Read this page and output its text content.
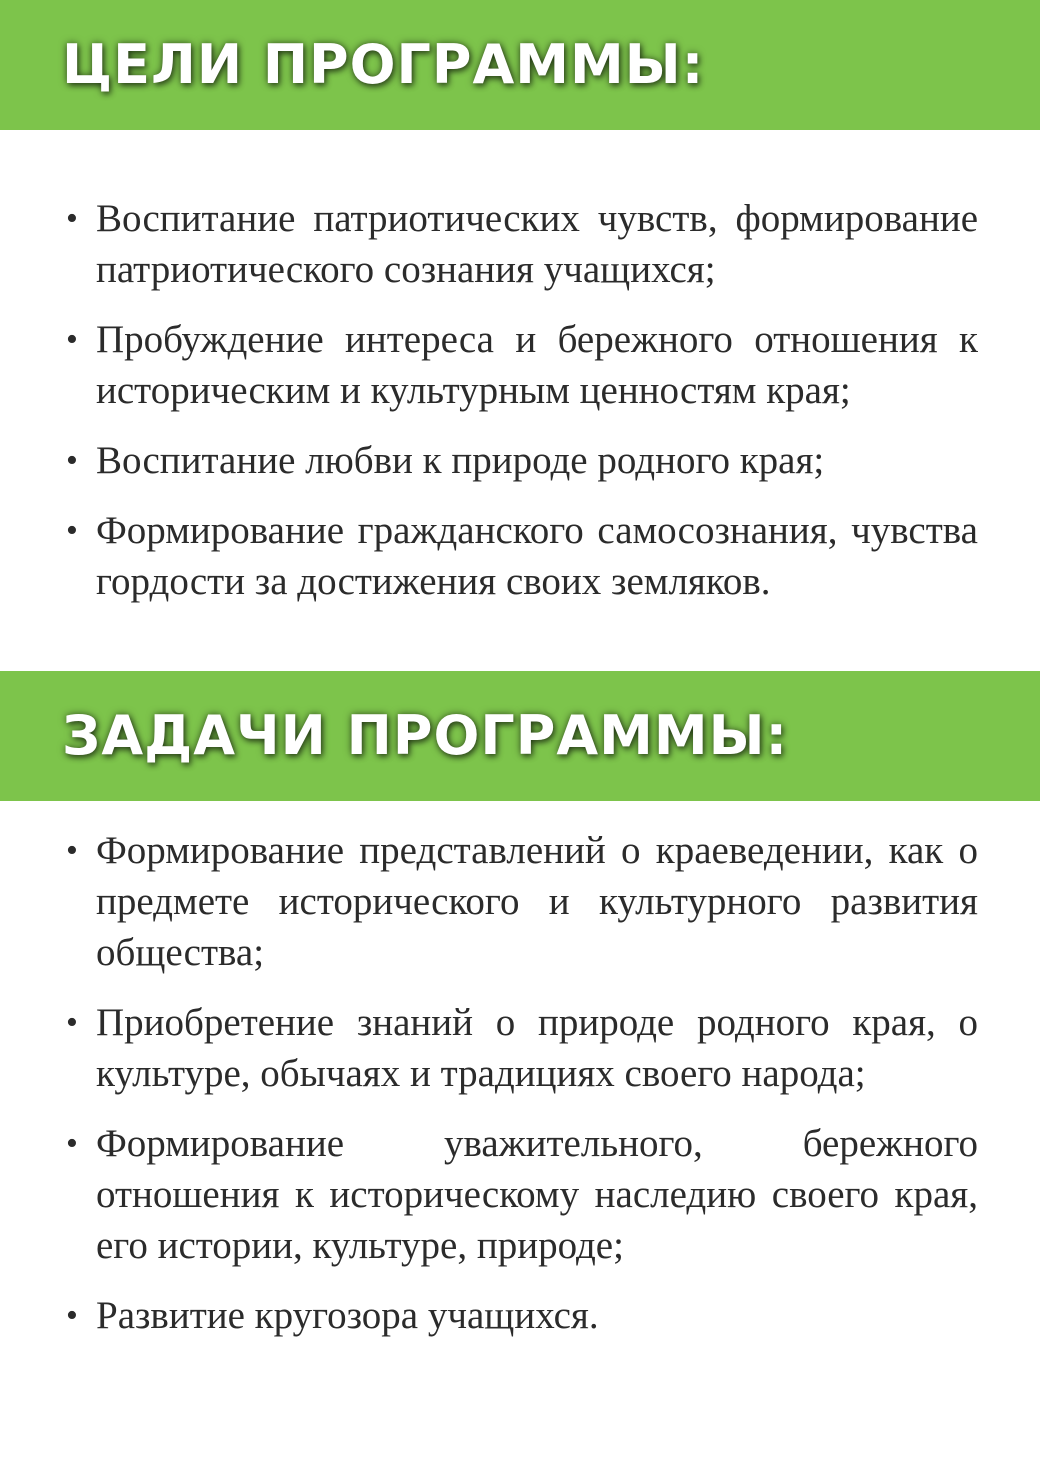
ЦЕЛИ ПРОГРАММЫ:
• Воспитание патриотических чувств, формирование патриотического сознания учащихся;
• Пробуждение интереса и бережного отношения к историческим и культурным ценностям края;
• Воспитание любви к природе родного края;
• Формирование гражданского самосознания, чувства гордости за достижения своих земляков.
ЗАДАЧИ ПРОГРАММЫ:
• Формирование представлений о краеведении, как о предмете исторического и культурного развития общества;
• Приобретение знаний о природе родного края, о культуре, обычаях и традициях своего народа;
• Формирование уважительного, бережного отношения к историческому наследию своего края, его истории, культуре, природе;
• Развитие кругозора учащихся.
